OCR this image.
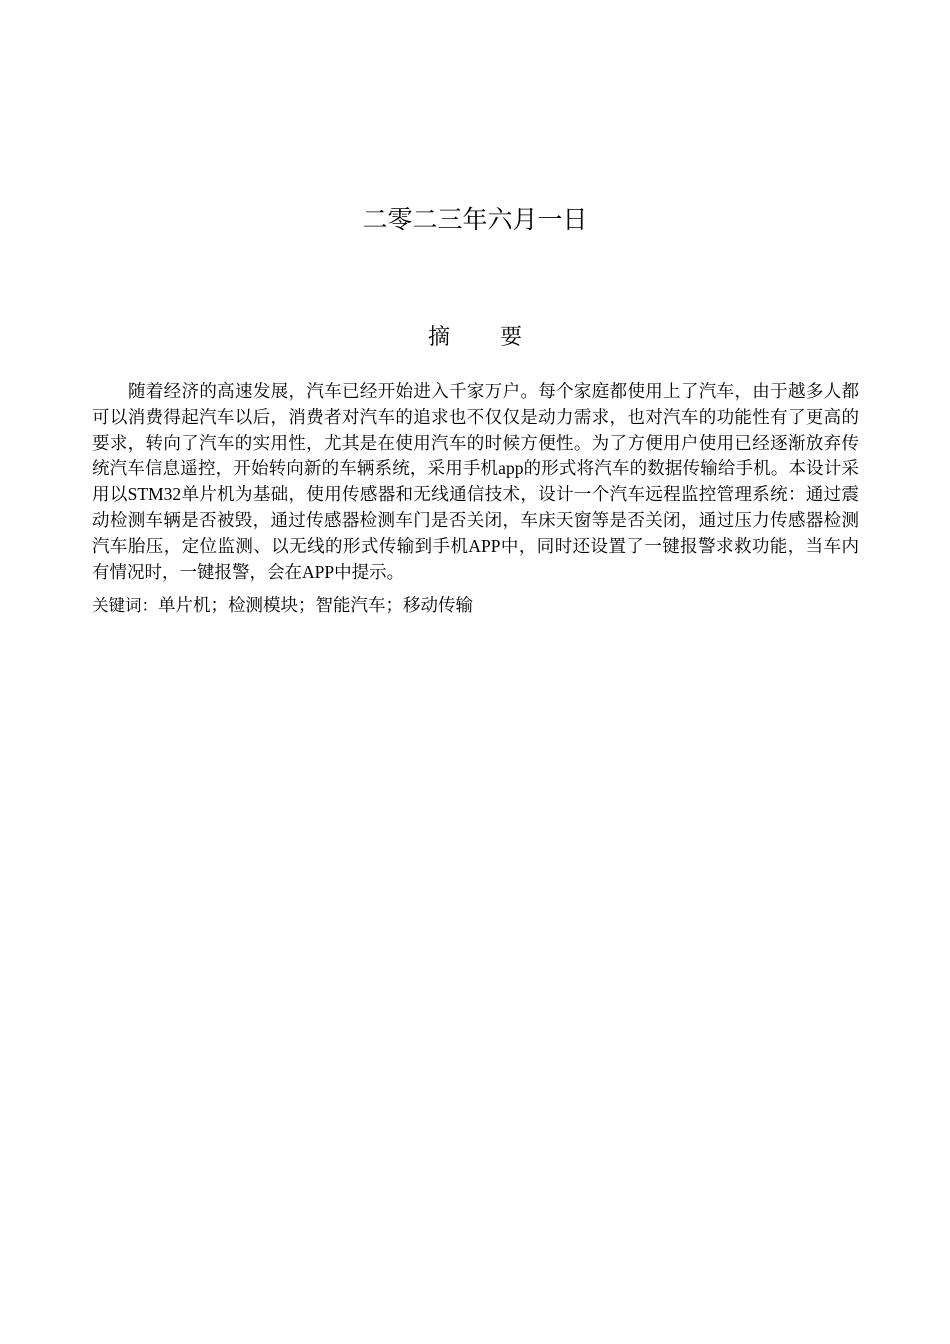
二零二三年六月一日
摘 要

随着经济的高速发展，汽车已经开始进入千家万户。每个家庭都使用上了汽车，由于越多人都可以消费得起汽车以后，消费者对汽车的追求也不仅仅是动力需求，也对汽车的功能性有了更高的要求，转向了汽车的实用性，尤其是在使用汽车的时候方便性。为了方便用户使用已经逐渐放弃传统汽车信息遥控，开始转向新的车辆系统，采用手机app的形式将汽车的数据传输给手机。本设计采用以STM32单片机为基础，使用传感器和无线通信技术，设计一个汽车远程监控管理系统：通过震动检测车辆是否被毁，通过传感器检测车门是否关闭，车床天窗等是否关闭，通过压力传感器检测汽车胎压，定位监测、以无线的形式传输到手机APP中，同时还设置了一键报警求救功能，当车内有情况时，一键报警，会在APP中提示。

关键词：单片机；检测模块；智能汽车；移动传输
